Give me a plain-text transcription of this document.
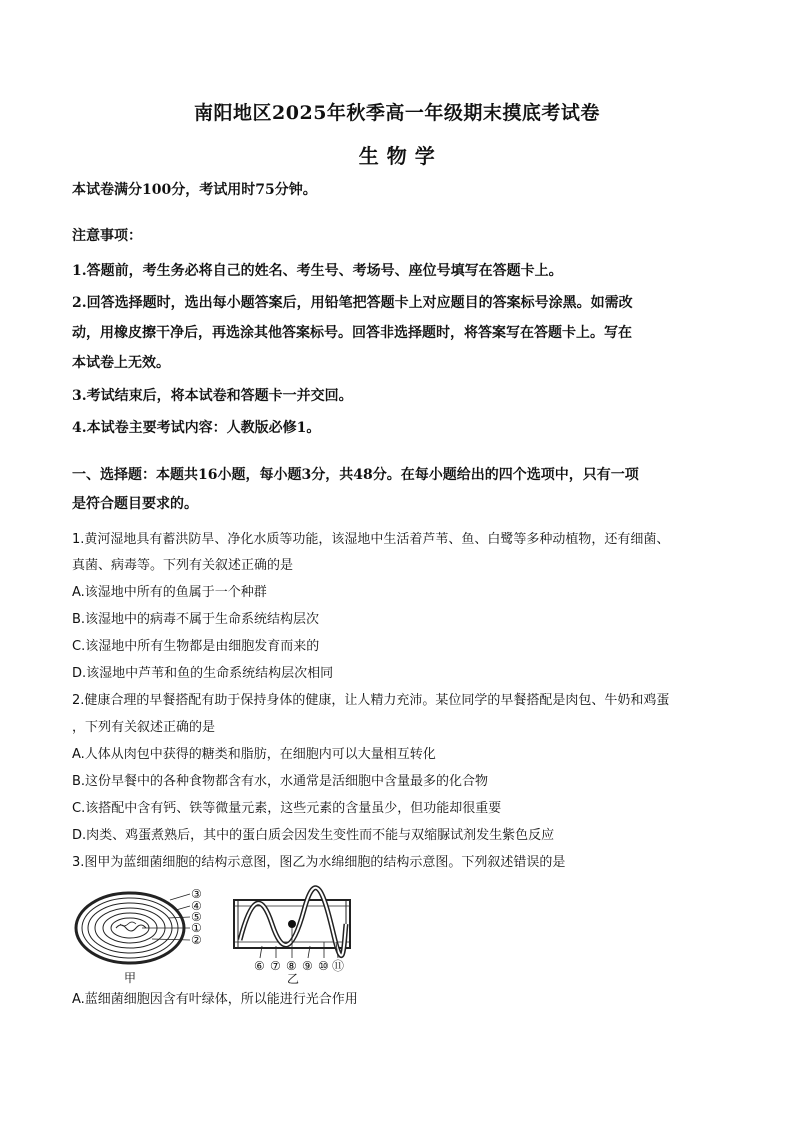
南阳地区2025年秋季高一年级期末摸底考试卷
生 物 学
本试卷满分100分，考试用时75分钟。
注意事项：
1.答题前，考生务必将自己的姓名、考生号、考场号、座位号填写在答题卡上。
2.回答选择题时，选出每小题答案后，用铅笔把答题卡上对应题目的答案标号涂黑。如需改
动，用橡皮擦干净后，再选涂其他答案标号。回答非选择题时，将答案写在答题卡上。写在
本试卷上无效。
3.考试结束后，将本试卷和答题卡一并交回。
4.本试卷主要考试内容：人教版必修1。
一、选择题：本题共16小题，每小题3分，共48分。在每小题给出的四个选项中，只有一项
是符合题目要求的。
1.黄河湿地具有蓄洪防旱、净化水质等功能，该湿地中生活着芦苇、鱼、白鹭等多种动植物，还有细菌、
真菌、病毒等。下列有关叙述正确的是
A.该湿地中所有的鱼属于一个种群
B.该湿地中的病毒不属于生命系统结构层次
C.该湿地中所有生物都是由细胞发育而来的
D.该湿地中芦苇和鱼的生命系统结构层次相同
2.健康合理的早餐搭配有助于保持身体的健康，让人精力充沛。某位同学的早餐搭配是肉包、牛奶和鸡蛋
，下列有关叙述正确的是
A.人体从肉包中获得的糖类和脂肪，在细胞内可以大量相互转化
B.这份早餐中的各种食物都含有水，水通常是活细胞中含量最多的化合物
C.该搭配中含有钙、铁等微量元素，这些元素的含量虽少，但功能却很重要
D.肉类、鸡蛋煮熟后，其中的蛋白质会因发生变性而不能与双缩脲试剂发生紫色反应
3.图甲为蓝细菌细胞的结构示意图，图乙为水绵细胞的结构示意图。下列叙述错误的是
③
④
⑤
①
②
甲
⑥ ⑦ ⑧ ⑨ ⑩ ⑪
乙
A.蓝细菌细胞因含有叶绿体，所以能进行光合作用
